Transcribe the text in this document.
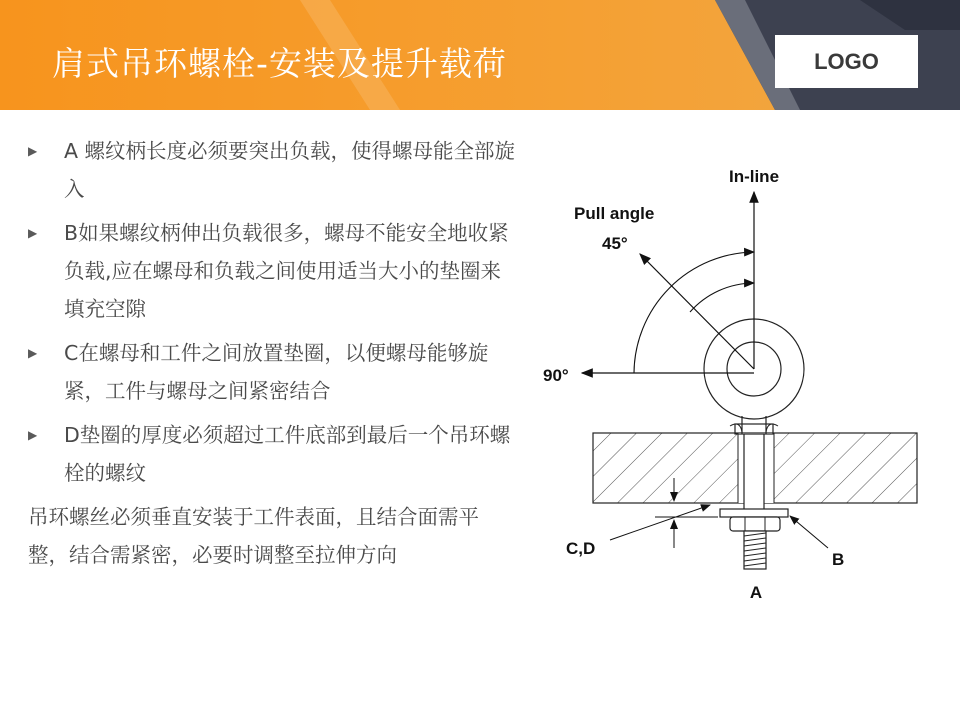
肩式吊环螺栓-安装及提升载荷	LOGO
▶ A 螺纹柄长度必须要突出负载，使得螺母能全部旋入
▶ B如果螺纹柄伸出负载很多，螺母不能安全地收紧负载,应在螺母和负载之间使用适当大小的垫圈来填充空隙
▶ C在螺母和工件之间放置垫圈，以便螺母能够旋紧，工件与螺母之间紧密结合
▶ D垫圈的厚度必须超过工件底部到最后一个吊环螺栓的螺纹
吊环螺丝必须垂直安装于工件表面，且结合面需平整，结合需紧密，必要时调整至拉伸方向
In-line
Pull angle
45°
90°
C,D
B
A
